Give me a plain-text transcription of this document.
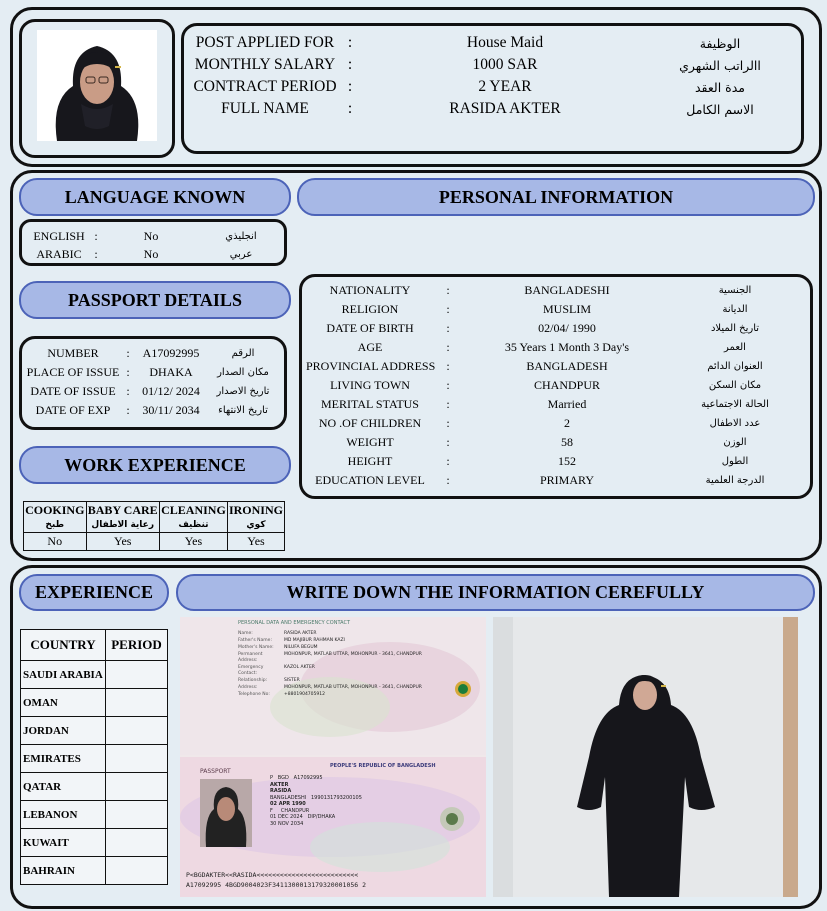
POST APPLIED FOR :	House Maid	الوظيفة
MONTHLY SALARY :	1000 SAR	االراتب الشهري
CONTRACT PERIOD :	2 YEAR	مدة العقد
FULL NAME	:	RASIDA AKTER	الاسم الكامل
LANGUAGE KNOWN	PERSONAL INFORMATION
ENGLISH :	No	انجليذي
ARABIC	:	No	عربي
PASSPORT DETAILS
NUMBER	:	A17092995	الرقم
PLACE OF ISSUE :	DHAKA	مكان الصدار
DATE OF ISSUE :	01/12/ 2024	تاريخ الاصدار
DATE OF EXP	:	30/11/ 2034	تاريخ الانتهاء
WORK EXPERIENCE
COOKING	BABY CARE	CLEANING	IRONING
طبخ	رعاية الاطفال	تنظيف	كوي
No	Yes	Yes	Yes
NATIONALITY	:	BANGLADESHI	الجنسية
RELIGION	:	MUSLIM	الديانة
DATE OF BIRTH	:	02/04/ 1990	تاريخ الميلاد
AGE	:	35 Years 1 Month 3 Day's	العمر
PROVINCIAL ADDRESS :	BANGLADESH	العنوان الدائم
LIVING TOWN	:	CHANDPUR	مكان السكن
MERITAL STATUS	:	Married	الحالة الاجتماعية
NO .OF CHILDREN	:	2	عدد الاطفال
WEIGHT	:	58	الوزن
HEIGHT	:	152	الطول
EDUCATION LEVEL	:	PRIMARY	الدرجة العلمية
EXPERIENCE	WRITE DOWN THE INFORMATION CEREFULLY
COUNTRY	PERIOD
SAUDI ARABIA	
OMAN	
JORDAN	
EMIRATES	
QATAR	
LEBANON	
KUWAIT	
BAHRAIN	
PERSONAL DATA AND EMERGENCY CONTACT
Name:	RASIDA AKTER
Father's Name:	MD MAJIBUR RAHMAN KAZI
Mother's Name:	NILUFA BEGUM
Permanent Address:
MOHONPUR, MATLAB UTTAR, MOHONPUR - 3641, CHANDPUR
Emergency Contact:
KAZOL AKTER
Relationship:	SISTER
Address:	MOHONPUR, MATLAB UTTAR, MOHONPUR - 3641, CHANDPUR
Telephone No:	+8801904705912
PASSPORT
PEOPLE'S REPUBLIC OF BANGLADESH
P<BGDAKTER<<RASIDA<<<<<<<<<<<<<<<<<<<<<<<<<<
A17092995 4BGD9004023F3411300013179320001056 2
P BGD A17092995
AKTER
RASIDA
BANGLADESHI 1990131793200105
02 APR 1990
F CHANDPUR
01 DEC 2024 DIP/DHAKA
30 NOV 2034
